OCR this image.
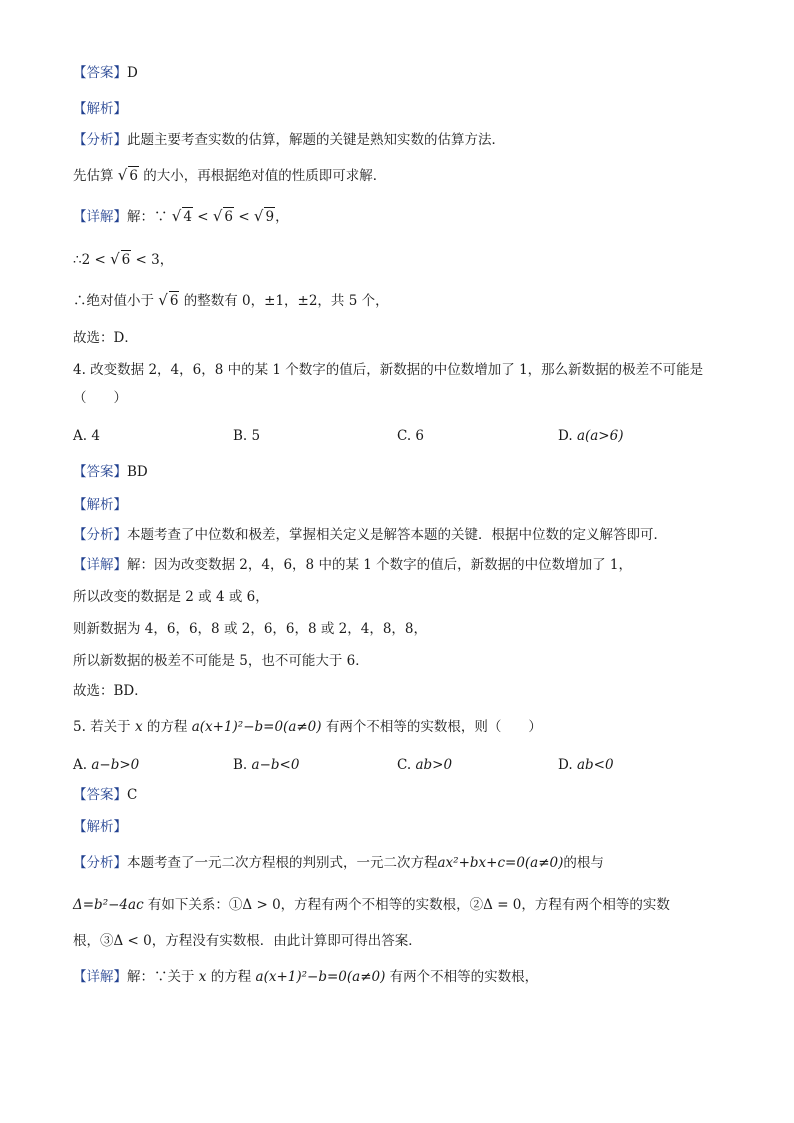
【答案】D
【解析】
【分析】此题主要考查实数的估算，解题的关键是熟知实数的估算方法．
先估算 √ 6 的大小，再根据绝对值的性质即可求解．
【详解】解：∵ √ 4 < √ 6 < √ 9，
∴2 < √ 6 < 3，
∴绝对值小于 √ 6 的整数有 0，±1，±2，共 5 个，
故选：D．
4. 改变数据 2，4，6，8 中的某 1 个数字的值后，新数据的中位数增加了 1，那么新数据的极差不可能是
（　　）
A. 4	B. 5	C. 6	D. a(a>6)
【答案】BD
【解析】
【分析】本题考查了中位数和极差，掌握相关定义是解答本题的关键．根据中位数的定义解答即可．
【详解】解：因为改变数据 2，4，6，8 中的某 1 个数字的值后，新数据的中位数增加了 1，
所以改变的数据是 2 或 4 或 6，
则新数据为 4，6，6，8 或 2，6，6，8 或 2，4，8，8，
所以新数据的极差不可能是 5，也不可能大于 6．
故选：BD．
5. 若关于 x 的方程 a(x+1)²−b=0(a≠0) 有两个不相等的实数根，则（　　）
A. a−b>0	B. a−b<0	C. ab>0	D. ab<0
【答案】C
【解析】
【分析】本题考查了一元二次方程根的判别式，一元二次方程ax²+bx+c=0(a≠0)的根与
Δ=b²−4ac 有如下关系：①Δ > 0，方程有两个不相等的实数根，②Δ = 0，方程有两个相等的实数
根，③Δ < 0，方程没有实数根．由此计算即可得出答案．
【详解】解：∵关于 x 的方程 a(x+1)²−b=0(a≠0) 有两个不相等的实数根，
